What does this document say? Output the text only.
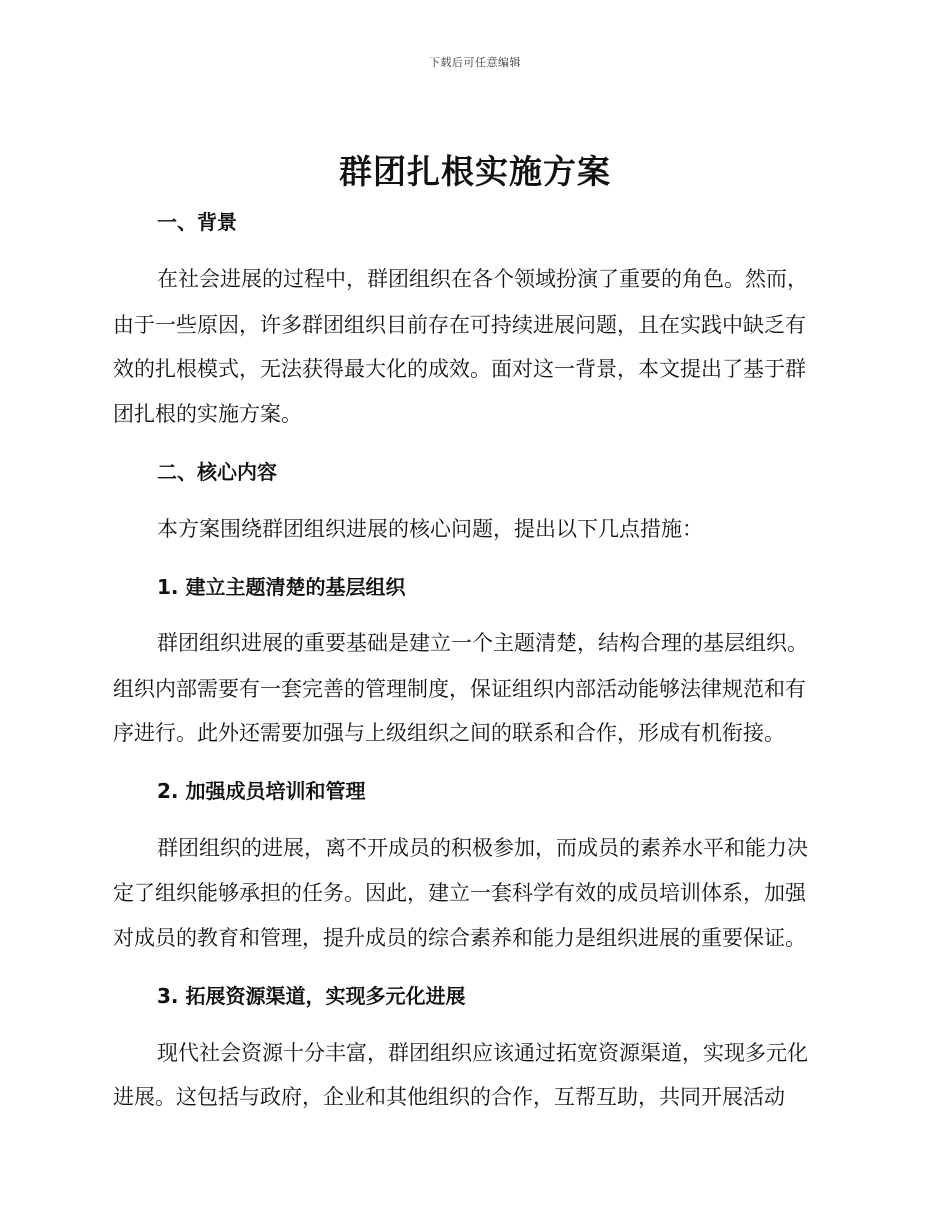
下载后可任意编辑
群团扎根实施方案
一、背景
在社会进展的过程中，群团组织在各个领域扮演了重要的角色。然而，
由于一些原因，许多群团组织目前存在可持续进展问题，且在实践中缺乏有
效的扎根模式，无法获得最大化的成效。面对这一背景，本文提出了基于群
团扎根的实施方案。
二、核心内容
本方案围绕群团组织进展的核心问题，提出以下几点措施：
1. 建立主题清楚的基层组织
群团组织进展的重要基础是建立一个主题清楚，结构合理的基层组织。
组织内部需要有一套完善的管理制度，保证组织内部活动能够法律规范和有
序进行。此外还需要加强与上级组织之间的联系和合作，形成有机衔接。
2. 加强成员培训和管理
群团组织的进展，离不开成员的积极参加，而成员的素养水平和能力决
定了组织能够承担的任务。因此，建立一套科学有效的成员培训体系，加强
对成员的教育和管理，提升成员的综合素养和能力是组织进展的重要保证。
3. 拓展资源渠道，实现多元化进展
现代社会资源十分丰富，群团组织应该通过拓宽资源渠道，实现多元化
进展。这包括与政府，企业和其他组织的合作，互帮互助，共同开展活动
